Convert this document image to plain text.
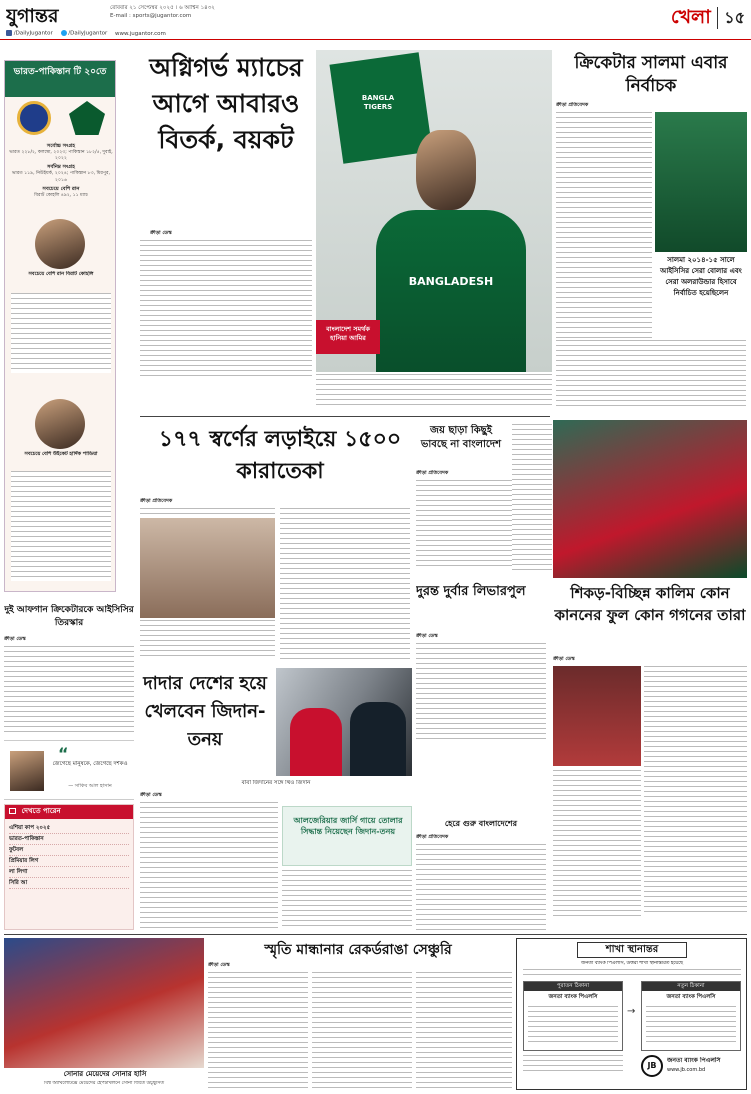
যুগান্তর	রোববার ২১ সেপ্টেম্বর ২০২৫ । ৬ আশ্বিন ১৪৩২
E-mail : sports@jugantor.com
/DailyJugantor	/DailyJugantor www.jugantor.com
খেলা ১৫
ভারত-পাকিস্তান টি ২০তে
সর্বোচ্চ সংগ্রহ
ভারত ২২৮/২, কলম্বো, ২০২৩; পাকিস্তান ১৮২/৫, দুবাই, ২০২২
সর্বনিম্ন সংগ্রহ
ভারত ১১৯, নিউইয়র্ক, ২০২৪; পাকিস্তান ৮৩, মিরপুর, ২০১৬
সবচেয়ে বেশি রান
বিরাট কোহলি ৪৯২, ১১ ম্যাচ
সবচেয়ে বেশি রান বিরাট কোহলি
সবচেয়ে বেশি উইকেট হার্দিক পান্ডিয়া
অগ্নিগর্ভ ম্যাচের আগে আবারও বিতর্ক, বয়কট
ক্রীড়া ডেস্ক
BANGLA TIGERS
BANGLADESH
বাংলাদেশ সমর্থক
হানিয়া আমির
ক্রিকেটার সালমা এবার নির্বাচক
ক্রীড়া প্রতিবেদক
সালমা ২০১৪-১৫ সালে আইসিসির সেরা বোলার এবং সেরা অলরাউন্ডার হিসাবে নির্বাচিত হয়েছিলেন
১৭৭ স্বর্ণের লড়াইয়ে ১৫০০ কারাতেকা
ক্রীড়া প্রতিবেদক
জয় ছাড়া কিছুই ভাবছে না বাংলাদেশ
ক্রীড়া প্রতিবেদক
দুরন্ত দুর্বার লিভারপুল
ক্রীড়া ডেস্ক
শিকড়-বিচ্ছিন্ন কালিম কোন কাননের ফুল কোন গগনের তারা
ক্রীড়া ডেস্ক
দুই আফগান ক্রিকেটারকে আইসিসির তিরস্কার
ক্রীড়া ডেস্ক
“
জেগেছে মানুষকে, জেগেছে দর্শকও
— সাকিব আল হাসান
দেখতে পারেন
এশিয়া কাপ ২০২৫
ভারত-পাকিস্তান
ফুটবল
প্রিমিয়ার লিগ
লা লিগা
সিরি আ
দাদার দেশের হয়ে খেলবেন জিদান-তনয়
বাবা জিদানের সঙ্গে থিও জিদান
ক্রীড়া ডেস্ক
আলজেরিয়ার জার্সি গায়ে তোলার সিদ্ধান্ত নিয়েছেন জিদান-তনয়
হেরে গুরু বাংলাদেশের
ক্রীড়া প্রতিবেদক
সোনার মেয়েদের সোনার হাসি
বিশ্ব অ্যাথলেটিক্সে মেয়েদের হেপটাথলনে সোনা জিতে উচ্ছ্বসিত
স্মৃতি মান্ধানার রেকর্ডরাঙা সেঞ্চুরি
ক্রীড়া ডেস্ক
শাখা স্থানান্তর
জনতা ব্যাংক পিএলসি, উত্তরা শাখা স্থানান্তরিত হয়েছে
পুরাতন ঠিকানা
জনতা ব্যাংক পিএলসি
→
নতুন ঠিকানা
জনতা ব্যাংক পিএলসি
JB
জনতা ব্যাংক পিএলসি
www.jb.com.bd
